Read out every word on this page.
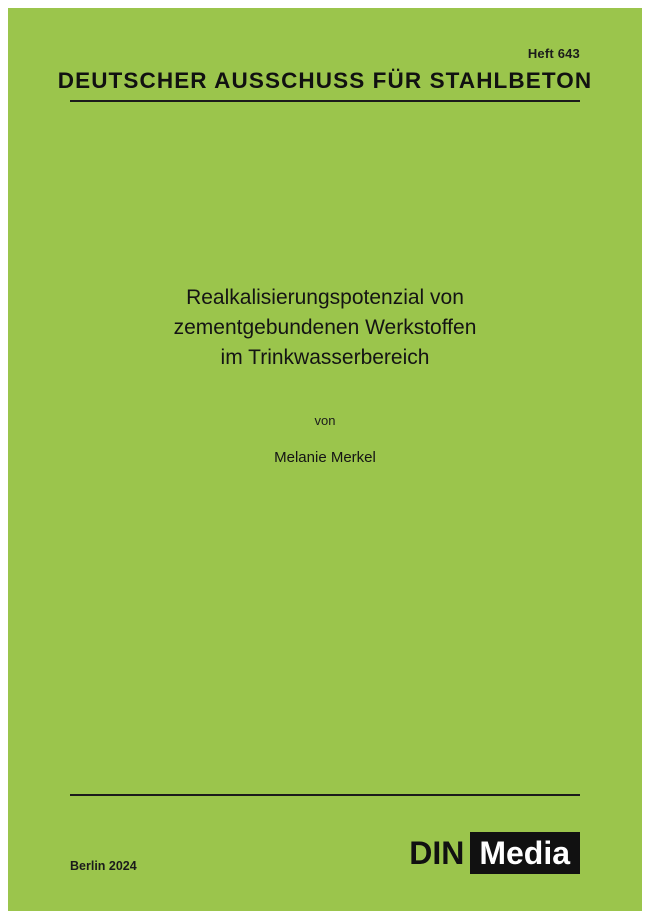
Heft 643
DEUTSCHER AUSSCHUSS FÜR STAHLBETON
Realkalisierungspotenzial von
zementgebundenen Werkstoffen
im Trinkwasserbereich
von
Melanie Merkel
Berlin 2024	DIN Media
